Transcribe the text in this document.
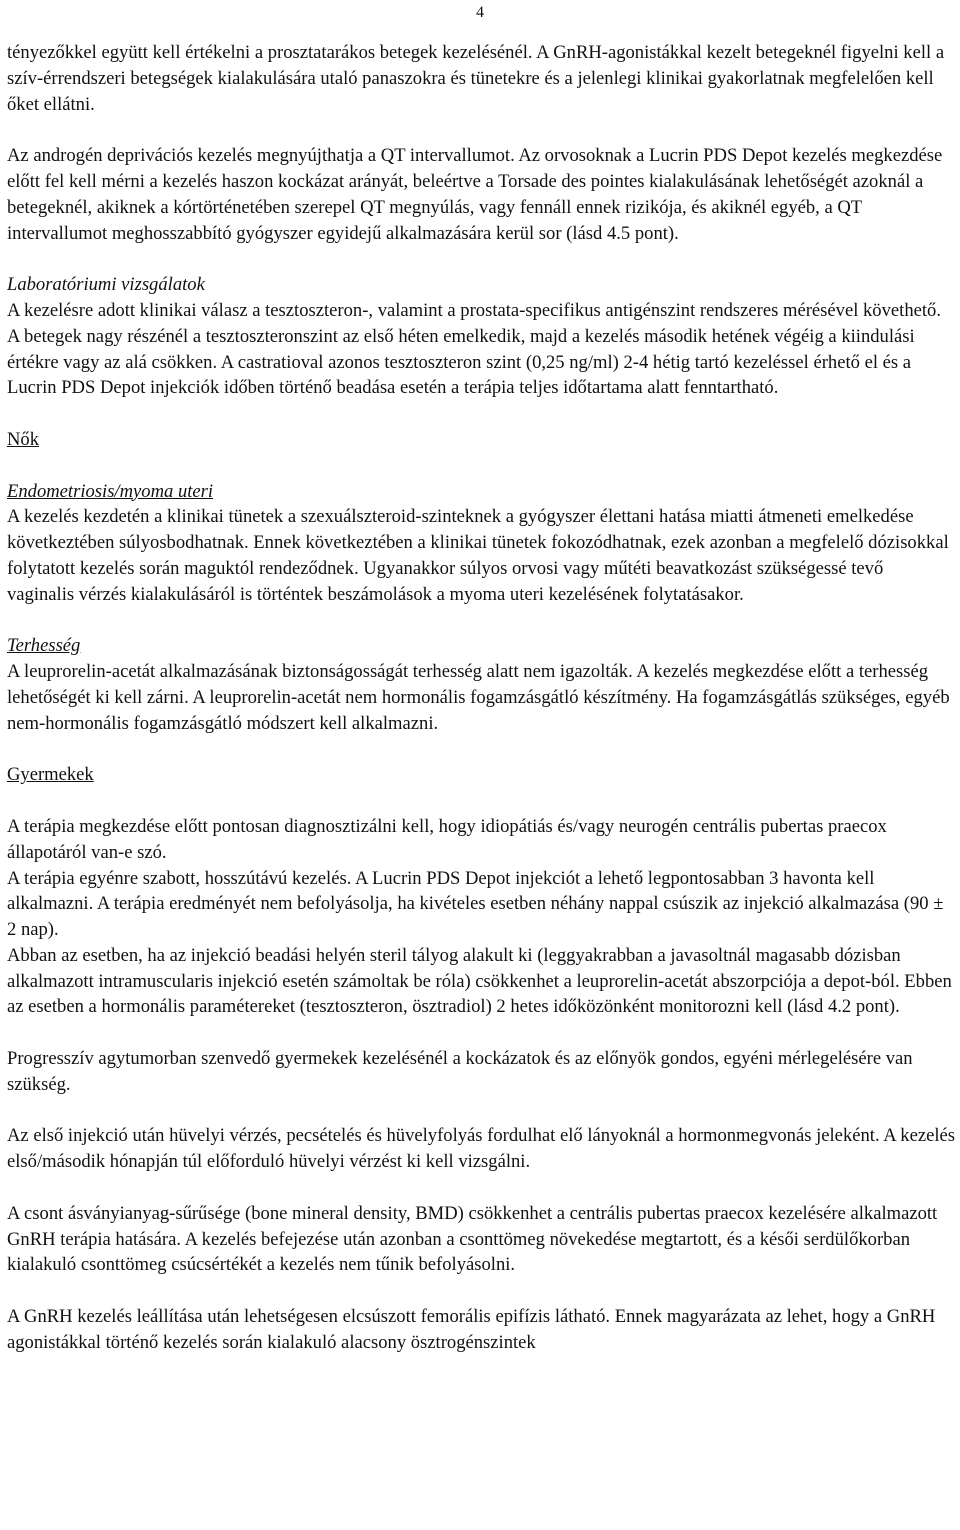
4

tényezőkkel együtt kell értékelni a prosztatarákos betegek kezelésénél. A GnRH-agonistákkal kezelt betegeknél figyelni kell a szív-érrendszeri betegségek kialakulására utaló panaszokra és tünetekre és a jelenlegi klinikai gyakorlatnak megfelelően kell őket ellátni.

Az androgén deprivációs kezelés megnyújthatja a QT intervallumot. Az orvosoknak a Lucrin PDS Depot kezelés megkezdése előtt fel kell mérni a kezelés haszon kockázat arányát, beleértve a Torsade des pointes kialakulásának lehetőségét azoknál a betegeknél, akiknek a kórtörténetében szerepel QT megnyúlás, vagy fennáll ennek rizikója, és akiknél egyéb, a QT intervallumot meghosszabbító gyógyszer egyidejű alkalmazására kerül sor (lásd 4.5 pont).

Laboratóriumi vizsgálatok

A kezelésre adott klinikai válasz a tesztoszteron-, valamint a prostata-specifikus antigénszint rendszeres mérésével követhető. A betegek nagy részénél a tesztoszteronszint az első héten emelkedik, majd a kezelés második hetének végéig a kiindulási értékre vagy az alá csökken. A castratioval azonos tesztoszteron szint (0,25 ng/ml) 2-4 hétig tartó kezeléssel érhető el és a Lucrin PDS Depot injekciók időben történő beadása esetén a terápia teljes időtartama alatt fenntartható.

Nők

Endometriosis/myoma uteri

A kezelés kezdetén a klinikai tünetek a szexuálszteroid-szinteknek a gyógyszer élettani hatása miatti átmeneti emelkedése következtében súlyosbodhatnak. Ennek következtében a klinikai tünetek fokozódhatnak, ezek azonban a megfelelő dózisokkal folytatott kezelés során maguktól rendeződnek. Ugyanakkor súlyos orvosi vagy műtéti beavatkozást szükségessé tevő vaginalis vérzés kialakulásáról is történtek beszámolások a myoma uteri kezelésének folytatásakor.

Terhesség

A leuprorelin-acetát alkalmazásának biztonságosságát terhesség alatt nem igazolták. A kezelés megkezdése előtt a terhesség lehetőségét ki kell zárni. A leuprorelin-acetát nem hormonális fogamzásgátló készítmény. Ha fogamzásgátlás szükséges, egyéb nem-hormonális fogamzásgátló módszert kell alkalmazni.

Gyermekek

A terápia megkezdése előtt pontosan diagnosztizálni kell, hogy idiopátiás és/vagy neurogén centrális pubertas praecox állapotáról van-e szó.

A terápia egyénre szabott, hosszútávú kezelés. A Lucrin PDS Depot injekciót a lehető legpontosabban 3 havonta kell alkalmazni. A terápia eredményét nem befolyásolja, ha kivételes esetben néhány nappal csúszik az injekció alkalmazása (90 ± 2 nap).

Abban az esetben, ha az injekció beadási helyén steril tályog alakult ki (leggyakrabban a javasoltnál magasabb dózisban alkalmazott intramuscularis injekció esetén számoltak be róla) csökkenhet a leuprorelin-acetát abszorpciója a depot-ból. Ebben az esetben a hormonális paramétereket (tesztoszteron, ösztradiol) 2 hetes időközönként monitorozni kell (lásd 4.2 pont).

Progresszív agytumorban szenvedő gyermekek kezelésénél a kockázatok és az előnyök gondos, egyéni mérlegelésére van szükség.

Az első injekció után hüvelyi vérzés, pecsételés és hüvelyfolyás fordulhat elő lányoknál a hormonmegvonás jeleként. A kezelés első/második hónapján túl előforduló hüvelyi vérzést ki kell vizsgálni.

A csont ásványianyag-sűrűsége (bone mineral density, BMD) csökkenhet a centrális pubertas praecox kezelésére alkalmazott GnRH terápia hatására. A kezelés befejezése után azonban a csonttömeg növekedése megtartott, és a késői serdülőkorban kialakuló csonttömeg csúcsértékét a kezelés nem tűnik befolyásolni.

A GnRH kezelés leállítása után lehetségesen elcsúszott femorális epifízis látható. Ennek magyarázata az lehet, hogy a GnRH agonistákkal történő kezelés során kialakuló alacsony ösztrogénszintek
